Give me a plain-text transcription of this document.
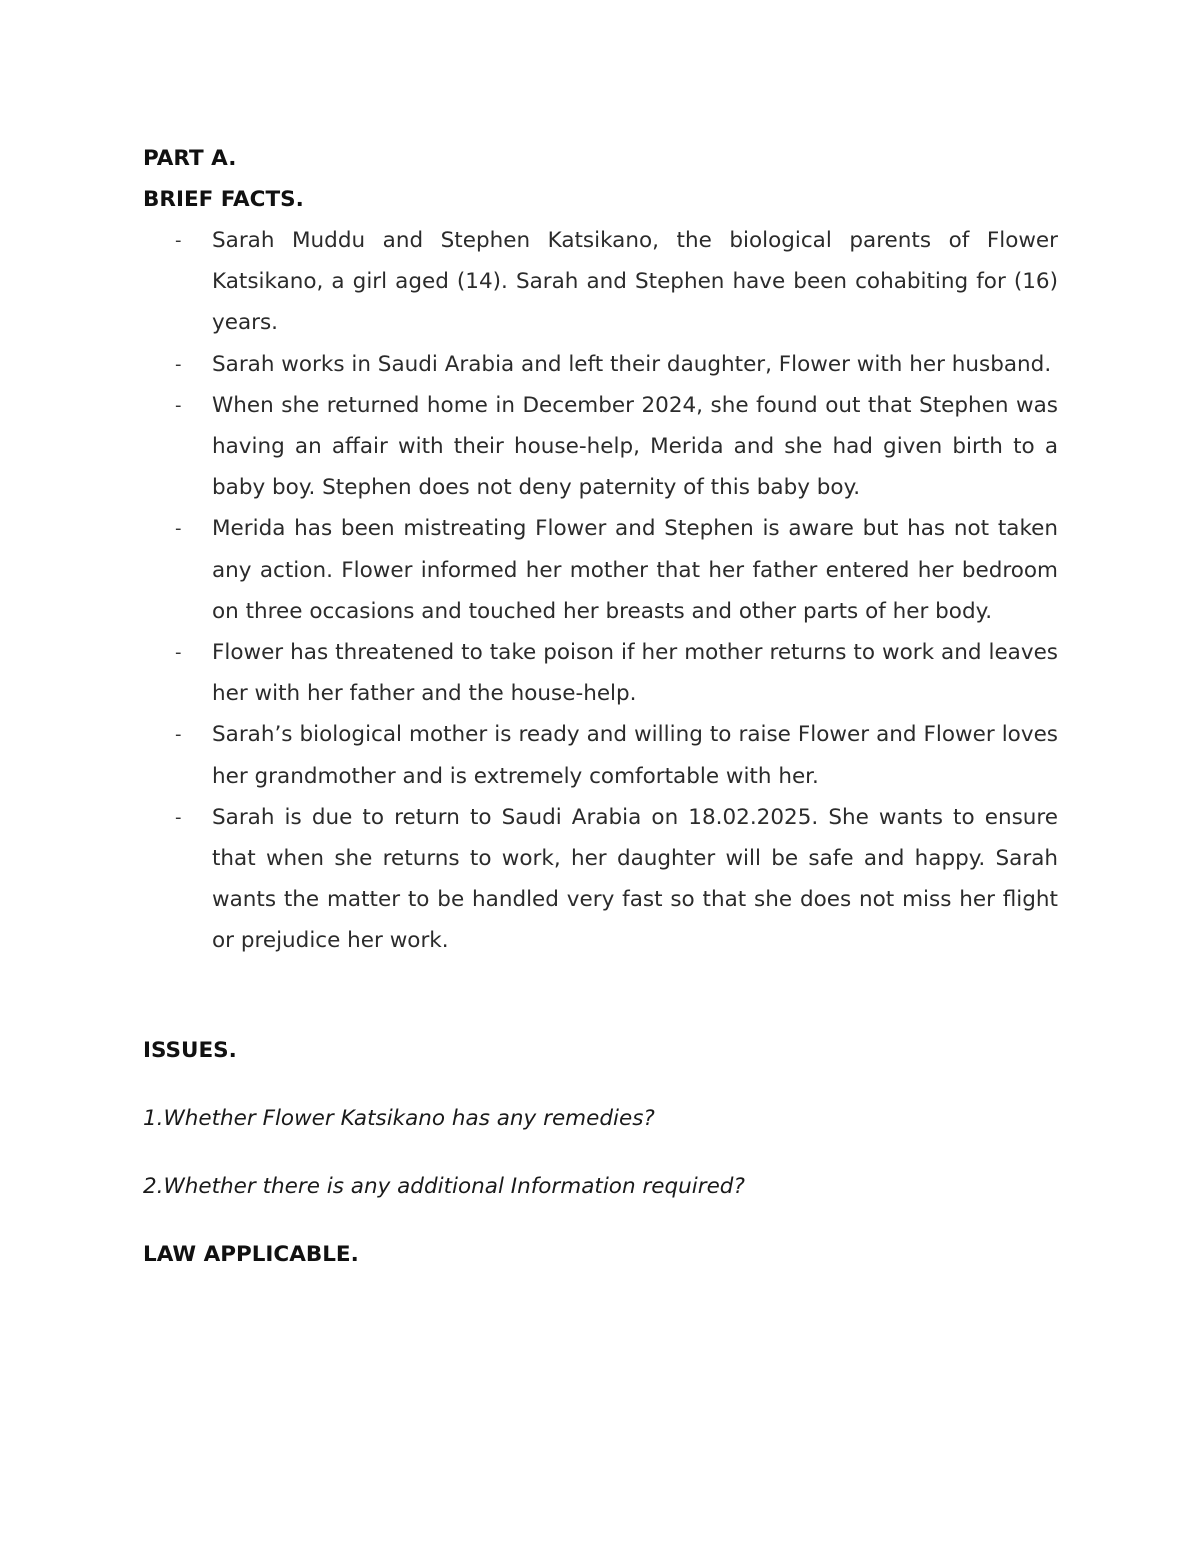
PART A.

BRIEF FACTS.

- Sarah Muddu and Stephen Katsikano, the biological parents of Flower Katsikano, a girl aged (14). Sarah and Stephen have been cohabiting for (16) years.
- Sarah works in Saudi Arabia and left their daughter, Flower with her husband.
- When she returned home in December 2024, she found out that Stephen was having an affair with their house-help, Merida and she had given birth to a baby boy. Stephen does not deny paternity of this baby boy.
- Merida has been mistreating Flower and Stephen is aware but has not taken any action. Flower informed her mother that her father entered her bedroom on three occasions and touched her breasts and other parts of her body.
- Flower has threatened to take poison if her mother returns to work and leaves her with her father and the house-help.
- Sarah’s biological mother is ready and willing to raise Flower and Flower loves her grandmother and is extremely comfortable with her.
- Sarah is due to return to Saudi Arabia on 18.02.2025. She wants to ensure that when she returns to work, her daughter will be safe and happy. Sarah wants the matter to be handled very fast so that she does not miss her flight or prejudice her work.

ISSUES.

1.Whether Flower Katsikano has any remedies?

2.Whether there is any additional Information required?

LAW APPLICABLE.
